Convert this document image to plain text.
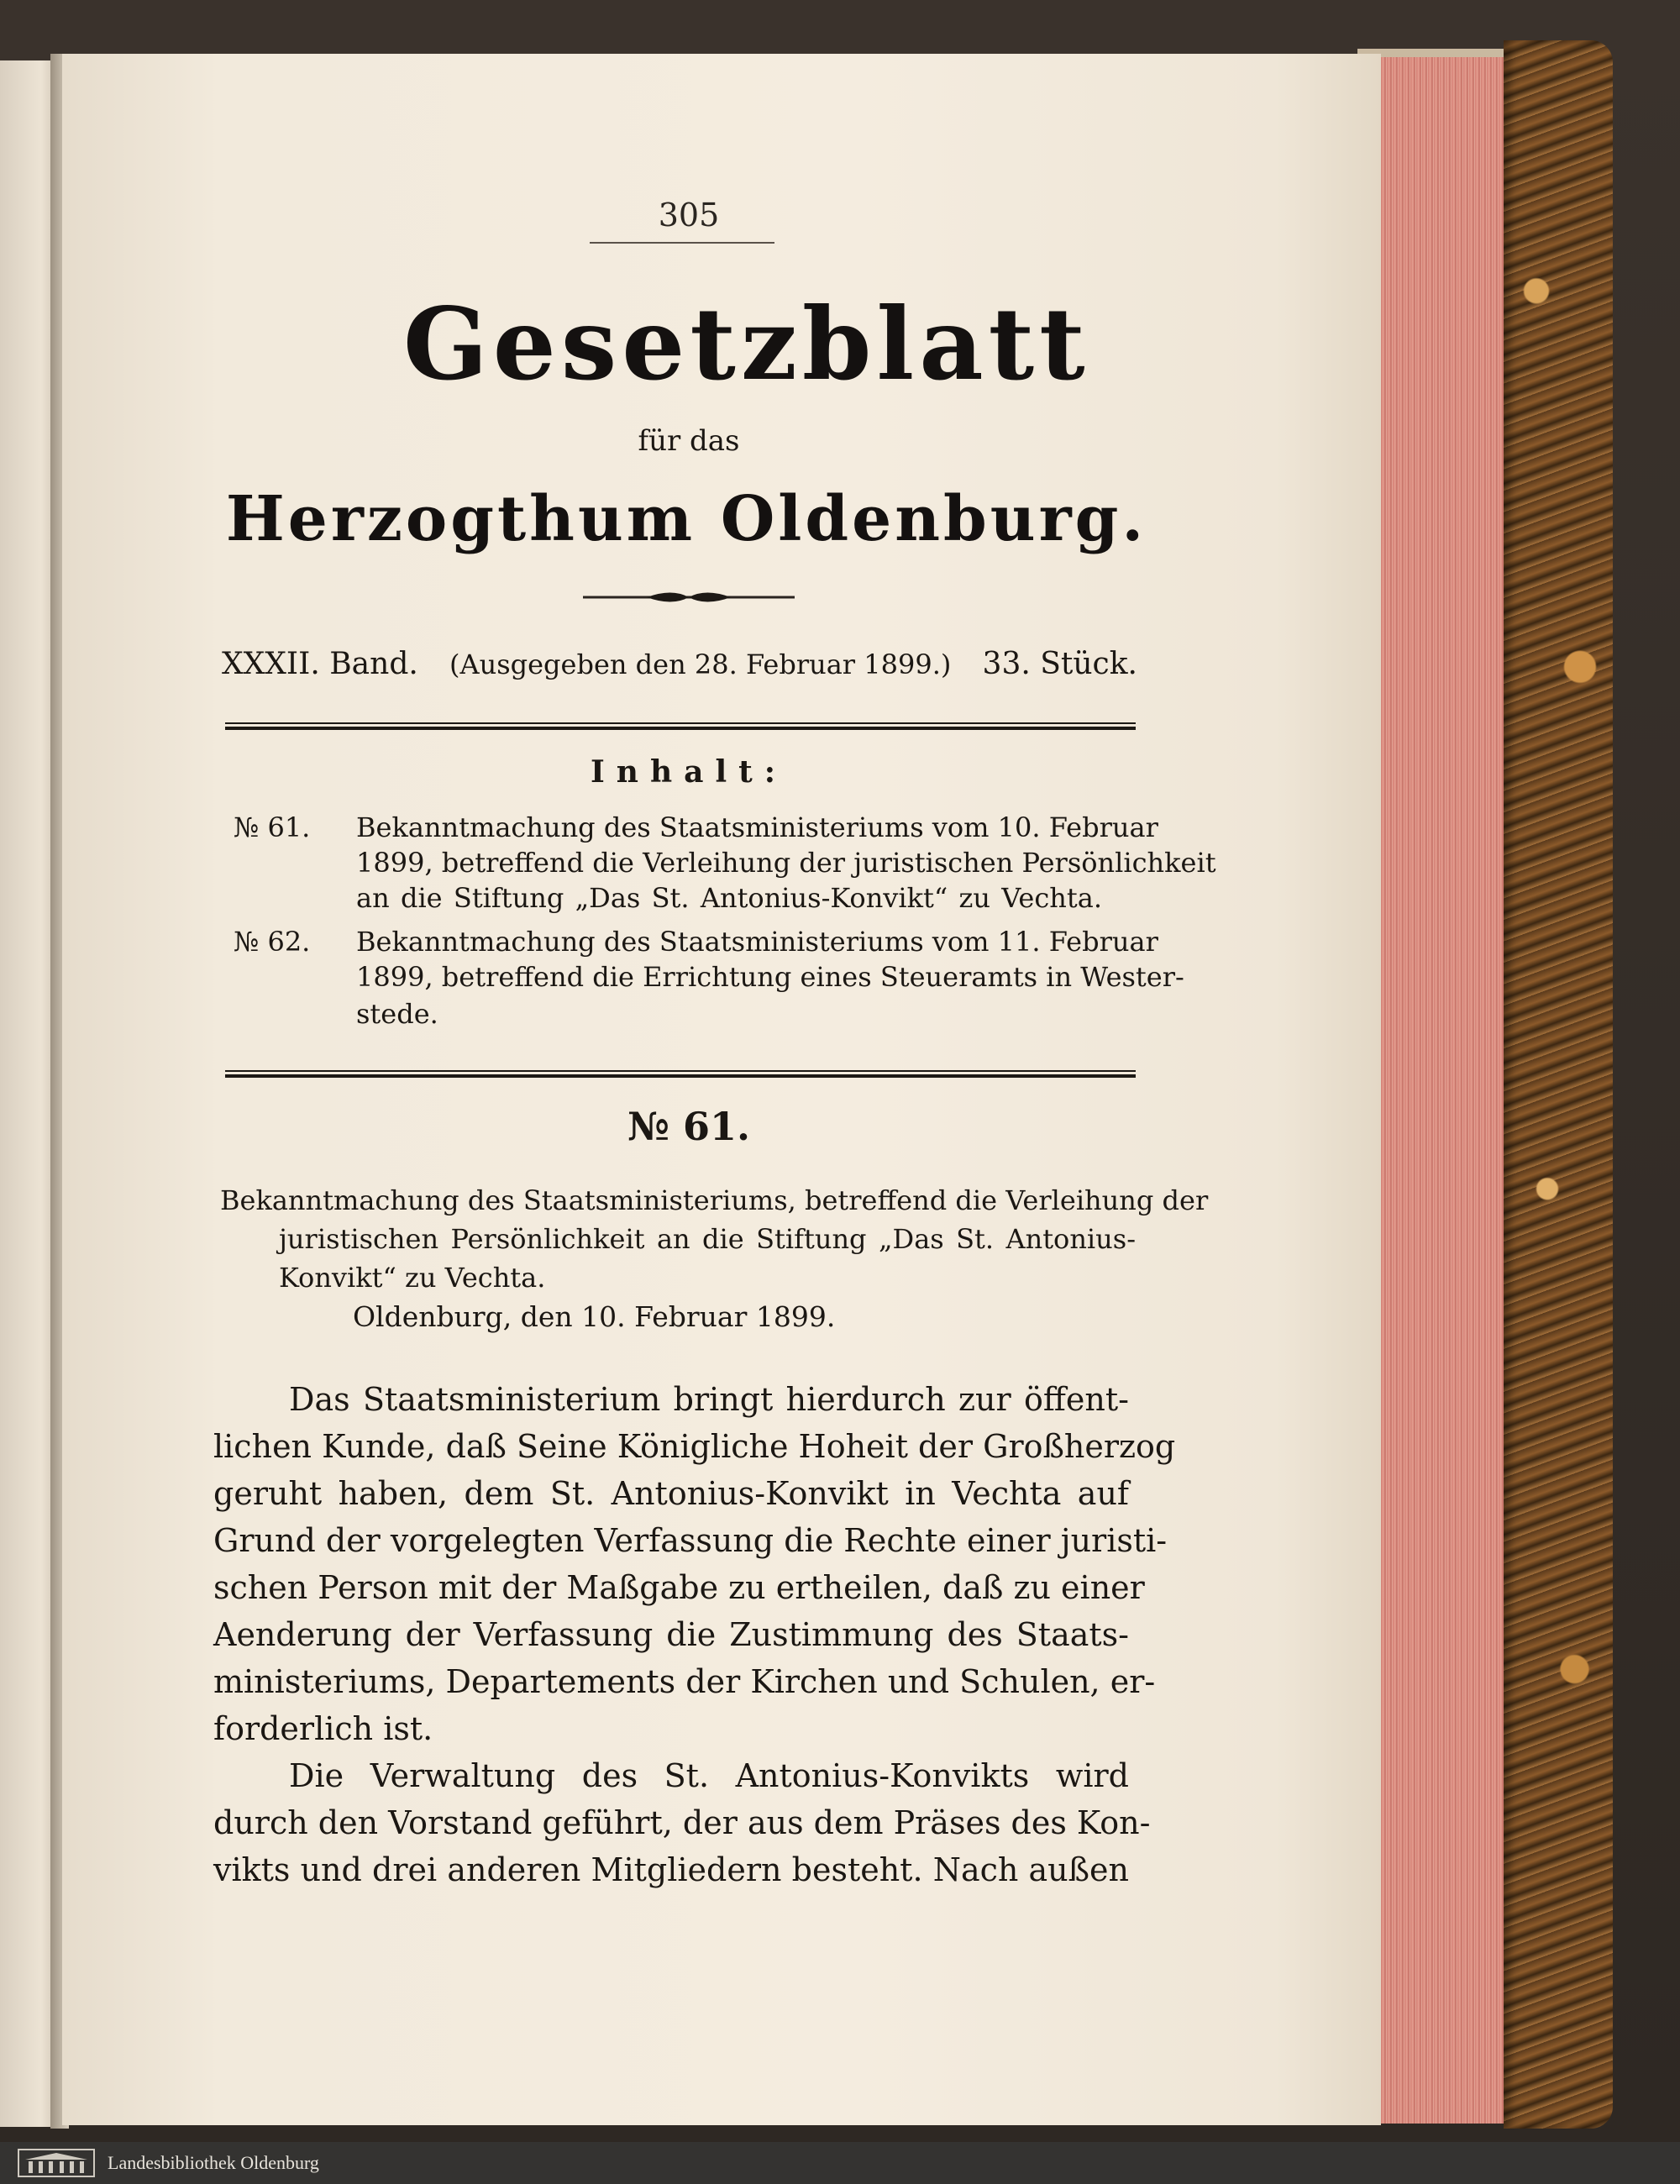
305
Gesetzblatt
für das
Herzogthum Oldenburg.
XXXII. Band. (Ausgegeben den 28. Februar 1899.) 33. Stück.
Inhalt:
№ 61. Bekanntmachung des Staatsministeriums vom 10. Februar
1899, betreffend die Verleihung der juristischen Persönlichkeit
an die Stiftung „Das St. Antonius-Konvikt“ zu Vechta.
№ 62. Bekanntmachung des Staatsministeriums vom 11. Februar
1899, betreffend die Errichtung eines Steueramts in Wester-
stede.
№ 61.
Bekanntmachung des Staatsministeriums, betreffend die Verleihung der
juristischen Persönlichkeit an die Stiftung „Das St. Antonius-
Konvikt“ zu Vechta.
Oldenburg, den 10. Februar 1899.
Das Staatsministerium bringt hierdurch zur öffent-
lichen Kunde, daß Seine Königliche Hoheit der Großherzog
geruht haben, dem St. Antonius-Konvikt in Vechta auf
Grund der vorgelegten Verfassung die Rechte einer juristi-
schen Person mit der Maßgabe zu ertheilen, daß zu einer
Aenderung der Verfassung die Zustimmung des Staats-
ministeriums, Departements der Kirchen und Schulen, er-
forderlich ist.
Die Verwaltung des St. Antonius-Konvikts wird
durch den Vorstand geführt, der aus dem Präses des Kon-
vikts und drei anderen Mitgliedern besteht. Nach außen
Landesbibliothek Oldenburg
